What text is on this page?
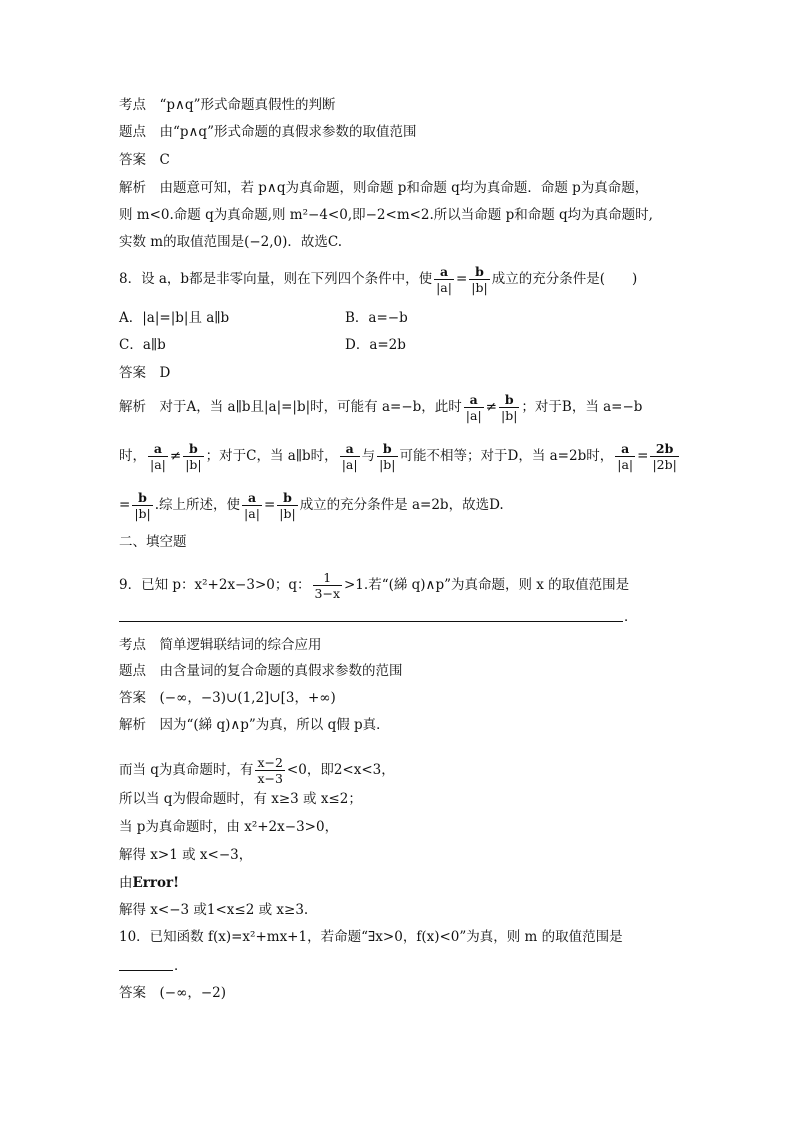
考点　“p∧q”形式命题真假性的判断
题点　由“p∧q”形式命题的真假求参数的取值范围
答案　C
解析　由题意可知，若 p∧q为真命题，则命题 p和命题 q均为真命题．命题 p为真命题，
则 m<0.命题 q为真命题,则 m²−4<0,即−2<m<2.所以当命题 p和命题 q均为真命题时,
实数 m的取值范围是(−2,0)．故选C.
8．设 a，b都是非零向量，则在下列四个条件中，使 $\frac{a}{|a|} = \frac{b}{|b|}$ 成立的充分条件是(　　)
A．|a|=|b|且 a∥b	B．a=−b
C．a∥b	D．a=2b
答案　D
解析　对于A，当 a∥b且|a|=|b|时，可能有 a=−b，此时 $\frac{a}{|a|} \ne \frac{b}{|b|}$ ；对于B，当 a=−b
时， $\frac{a}{|a|} \ne \frac{b}{|b|}$ ；对于C，当 a∥b时， $\frac{a}{|a|}$ 与 $\frac{b}{|b|}$ 可能不相等；对于D，当 a=2b时， $\frac{a}{|a|} = \frac{2b}{|2b|}$
= $\frac{b}{|b|}$ .综上所述，使 $\frac{a}{|a|} = \frac{b}{|b|}$ 成立的充分条件是 a=2b，故选D.
二、填空题
9．已知 p：x²+2x−3>0；q： $\frac{1}{3-x} >1$.若“(綈 q)∧p”为真命题，则 x 的取值范围是
．
考点　简单逻辑联结词的综合应用
题点　由含量词的复合命题的真假求参数的范围
答案　(−∞，−3)∪(1,2]∪[3，+∞)
解析　因为“(綈 q)∧p”为真，所以 q假 p真．
而当 q为真命题时，有 $\frac{x-2}{x-3} <0$，即2<x<3，
所以当 q为假命题时，有 x≥3 或 x≤2；
当 p为真命题时，由 x²+2x−3>0，
解得 x>1 或 x<−3，
由Error!
解得 x<−3 或1<x≤2 或 x≥3.
10．已知函数 f(x)=x²+mx+1，若命题“∃x>0，f(x)<0”为真，则 m 的取值范围是
．
答案　(−∞，−2)
